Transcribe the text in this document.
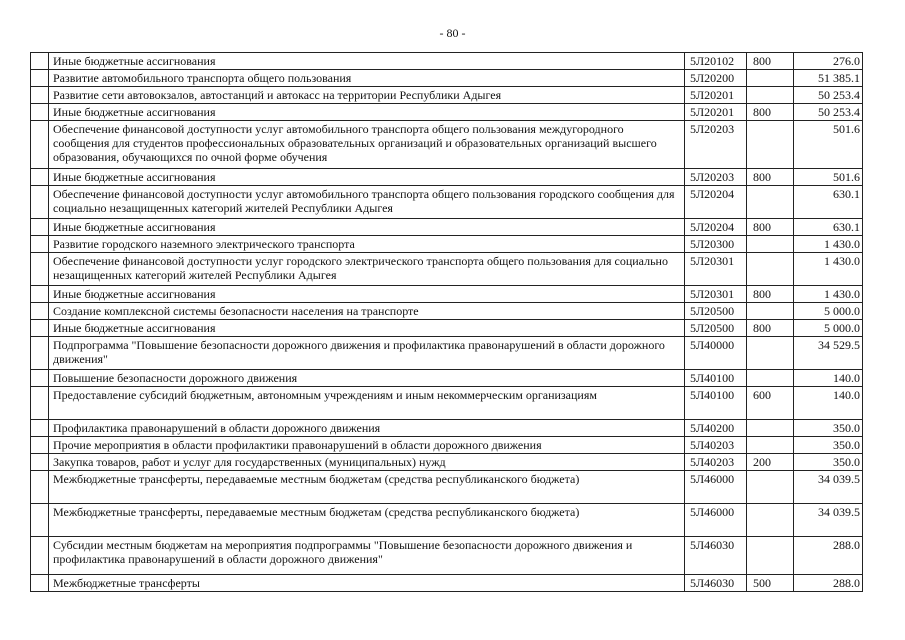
- 80 -
	Иные бюджетные ассигнования	5Л20102	800	276.0
	Развитие автомобильного транспорта общего пользования	5Л20200		51 385.1
	Развитие сети автовокзалов, автостанций и автокасс на территории Республики Адыгея	5Л20201		50 253.4
	Иные бюджетные ассигнования	5Л20201	800	50 253.4
	Обеспечение финансовой доступности услуг автомобильного транспорта общего пользования междугородного сообщения для студентов профессиональных образовательных организаций и образовательных организаций высшего образования, обучающихся по очной форме обучения	5Л20203		501.6
	Иные бюджетные ассигнования	5Л20203	800	501.6
	Обеспечение финансовой доступности услуг автомобильного транспорта общего пользования городского сообщения для социально незащищенных категорий жителей Республики Адыгея	5Л20204		630.1
	Иные бюджетные ассигнования	5Л20204	800	630.1
	Развитие городского наземного электрического транспорта	5Л20300		1 430.0
	Обеспечение финансовой доступности услуг городского электрического транспорта общего пользования для социально незащищенных категорий жителей Республики Адыгея	5Л20301		1 430.0
	Иные бюджетные ассигнования	5Л20301	800	1 430.0
	Создание комплексной системы безопасности населения на транспорте	5Л20500		5 000.0
	Иные бюджетные ассигнования	5Л20500	800	5 000.0
	Подпрограмма "Повышение безопасности дорожного движения и профилактика правонарушений в области дорожного движения"	5Л40000		34 529.5
	Повышение безопасности дорожного движения	5Л40100		140.0
	Предоставление субсидий бюджетным, автономным учреждениям и иным некоммерческим организациям	5Л40100	600	140.0
	Профилактика правонарушений в области дорожного движения	5Л40200		350.0
	Прочие мероприятия в области профилактики правонарушений в области дорожного движения	5Л40203		350.0
	Закупка товаров, работ и услуг для государственных (муниципальных) нужд	5Л40203	200	350.0
	Межбюджетные трансферты, передаваемые местным бюджетам (средства республиканского бюджета)	5Л46000		34 039.5
	Межбюджетные трансферты, передаваемые местным бюджетам (средства республиканского бюджета)	5Л46000		34 039.5
	Субсидии местным бюджетам на мероприятия подпрограммы "Повышение безопасности дорожного движения и профилактика правонарушений в области дорожного движения"	5Л46030		288.0
	Межбюджетные трансферты	5Л46030	500	288.0
